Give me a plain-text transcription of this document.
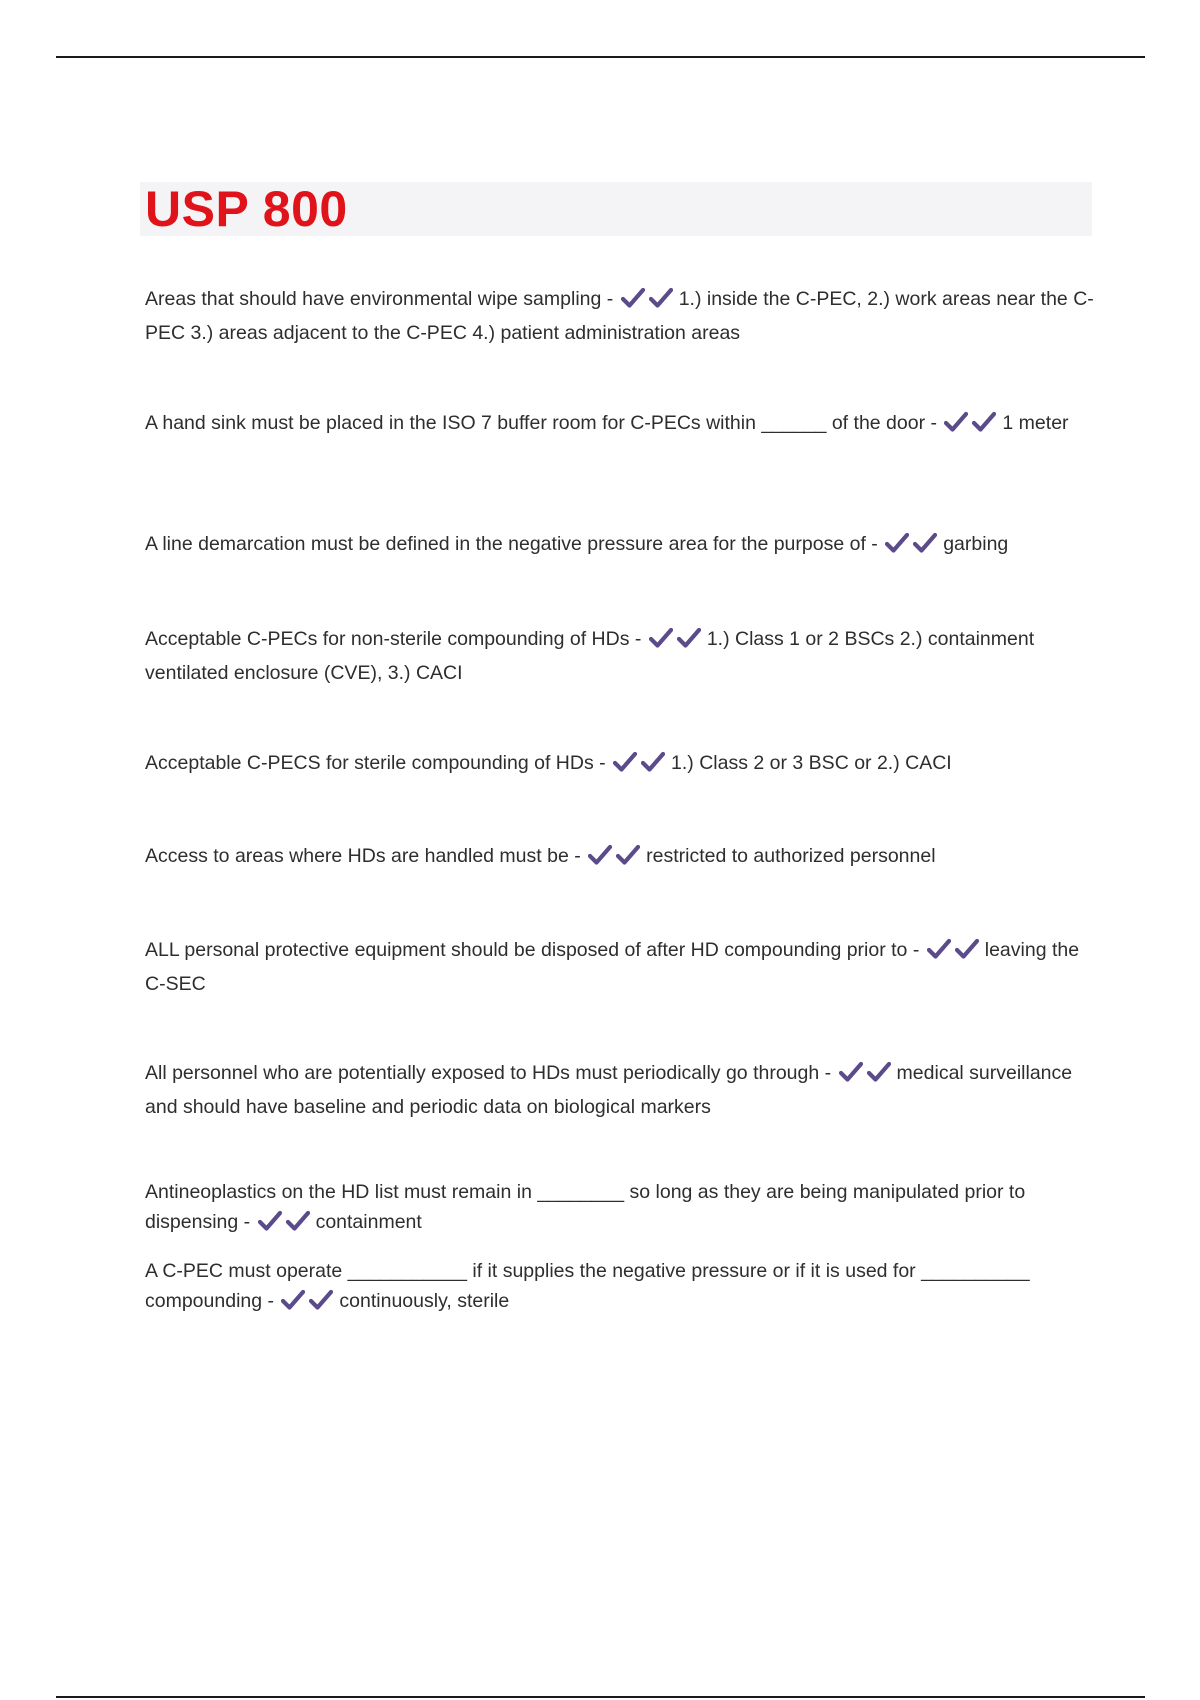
USP 800
Areas that should have environmental wipe sampling -	1.) inside the C-PEC, 2.) work areas near the C-PEC 3.) areas adjacent to the C-PEC 4.) patient administration areas
A hand sink must be placed in the ISO 7 buffer room for C-PECs within ______ of the door -	1 meter
A line demarcation must be defined in the negative pressure area for the purpose of -	garbing
Acceptable C-PECs for non-sterile compounding of HDs -	1.) Class 1 or 2 BSCs 2.) containment ventilated enclosure (CVE), 3.) CACI
Acceptable C-PECS for sterile compounding of HDs -	1.) Class 2 or 3 BSC or 2.) CACI
Access to areas where HDs are handled must be -	restricted to authorized personnel
ALL personal protective equipment should be disposed of after HD compounding prior to -	leaving the C-SEC
All personnel who are potentially exposed to HDs must periodically go through -	medical surveillance and should have baseline and periodic data on biological markers
Antineoplastics on the HD list must remain in ________ so long as they are being manipulated prior to dispensing -	containment
A C-PEC must operate ___________ if it supplies the negative pressure or if it is used for __________ compounding -	continuously, sterile
